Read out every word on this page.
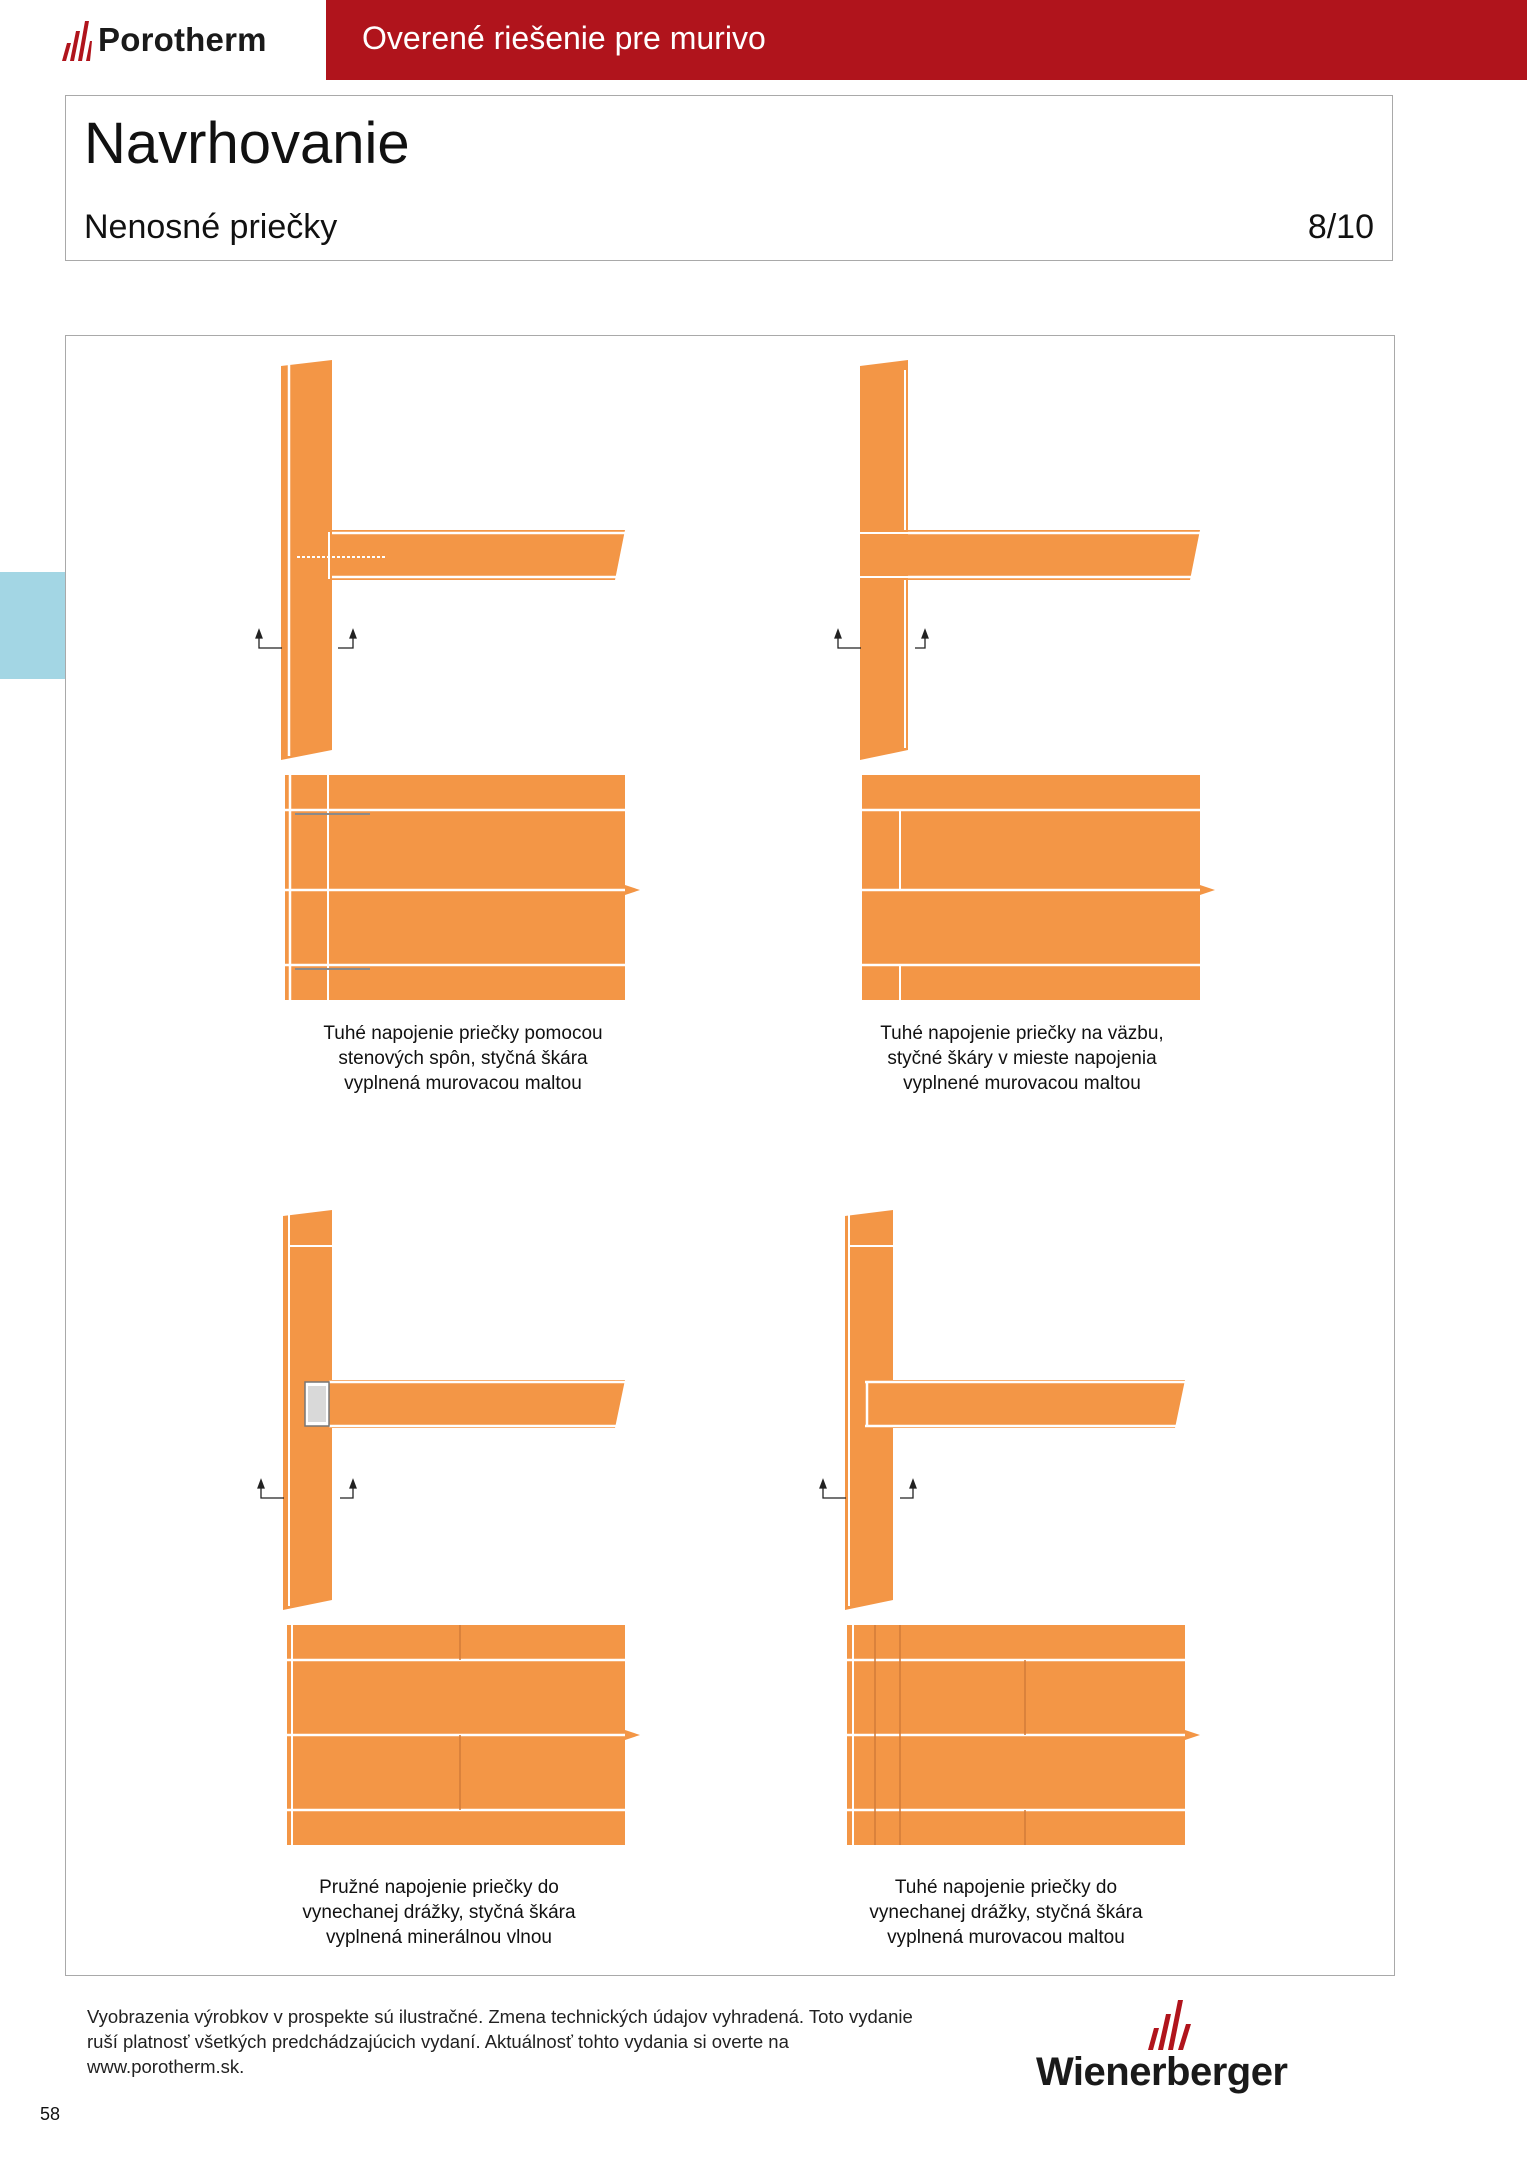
Porotherm	Overené riešenie pre murivo
Navrhovanie
Nenosné priečky	8/10
Tuhé napojenie priečky pomocou
stenových spôn, styčná škára
vyplnená murovacou maltou
Tuhé napojenie priečky na väzbu,
styčné škáry v mieste napojenia
vyplnené murovacou maltou
Pružné napojenie priečky do
vynechanej drážky, styčná škára
vyplnená minerálnou vlnou
Tuhé napojenie priečky do
vynechanej drážky, styčná škára
vyplnená murovacou maltou
Vyobrazenia výrobkov v prospekte sú ilustračné. Zmena technických údajov vyhradená. Toto vydanie ruší platnosť všetkých predchádzajúcich vydaní. Aktuálnosť tohto vydania si overte na www.porotherm.sk.	Wienerberger
58
